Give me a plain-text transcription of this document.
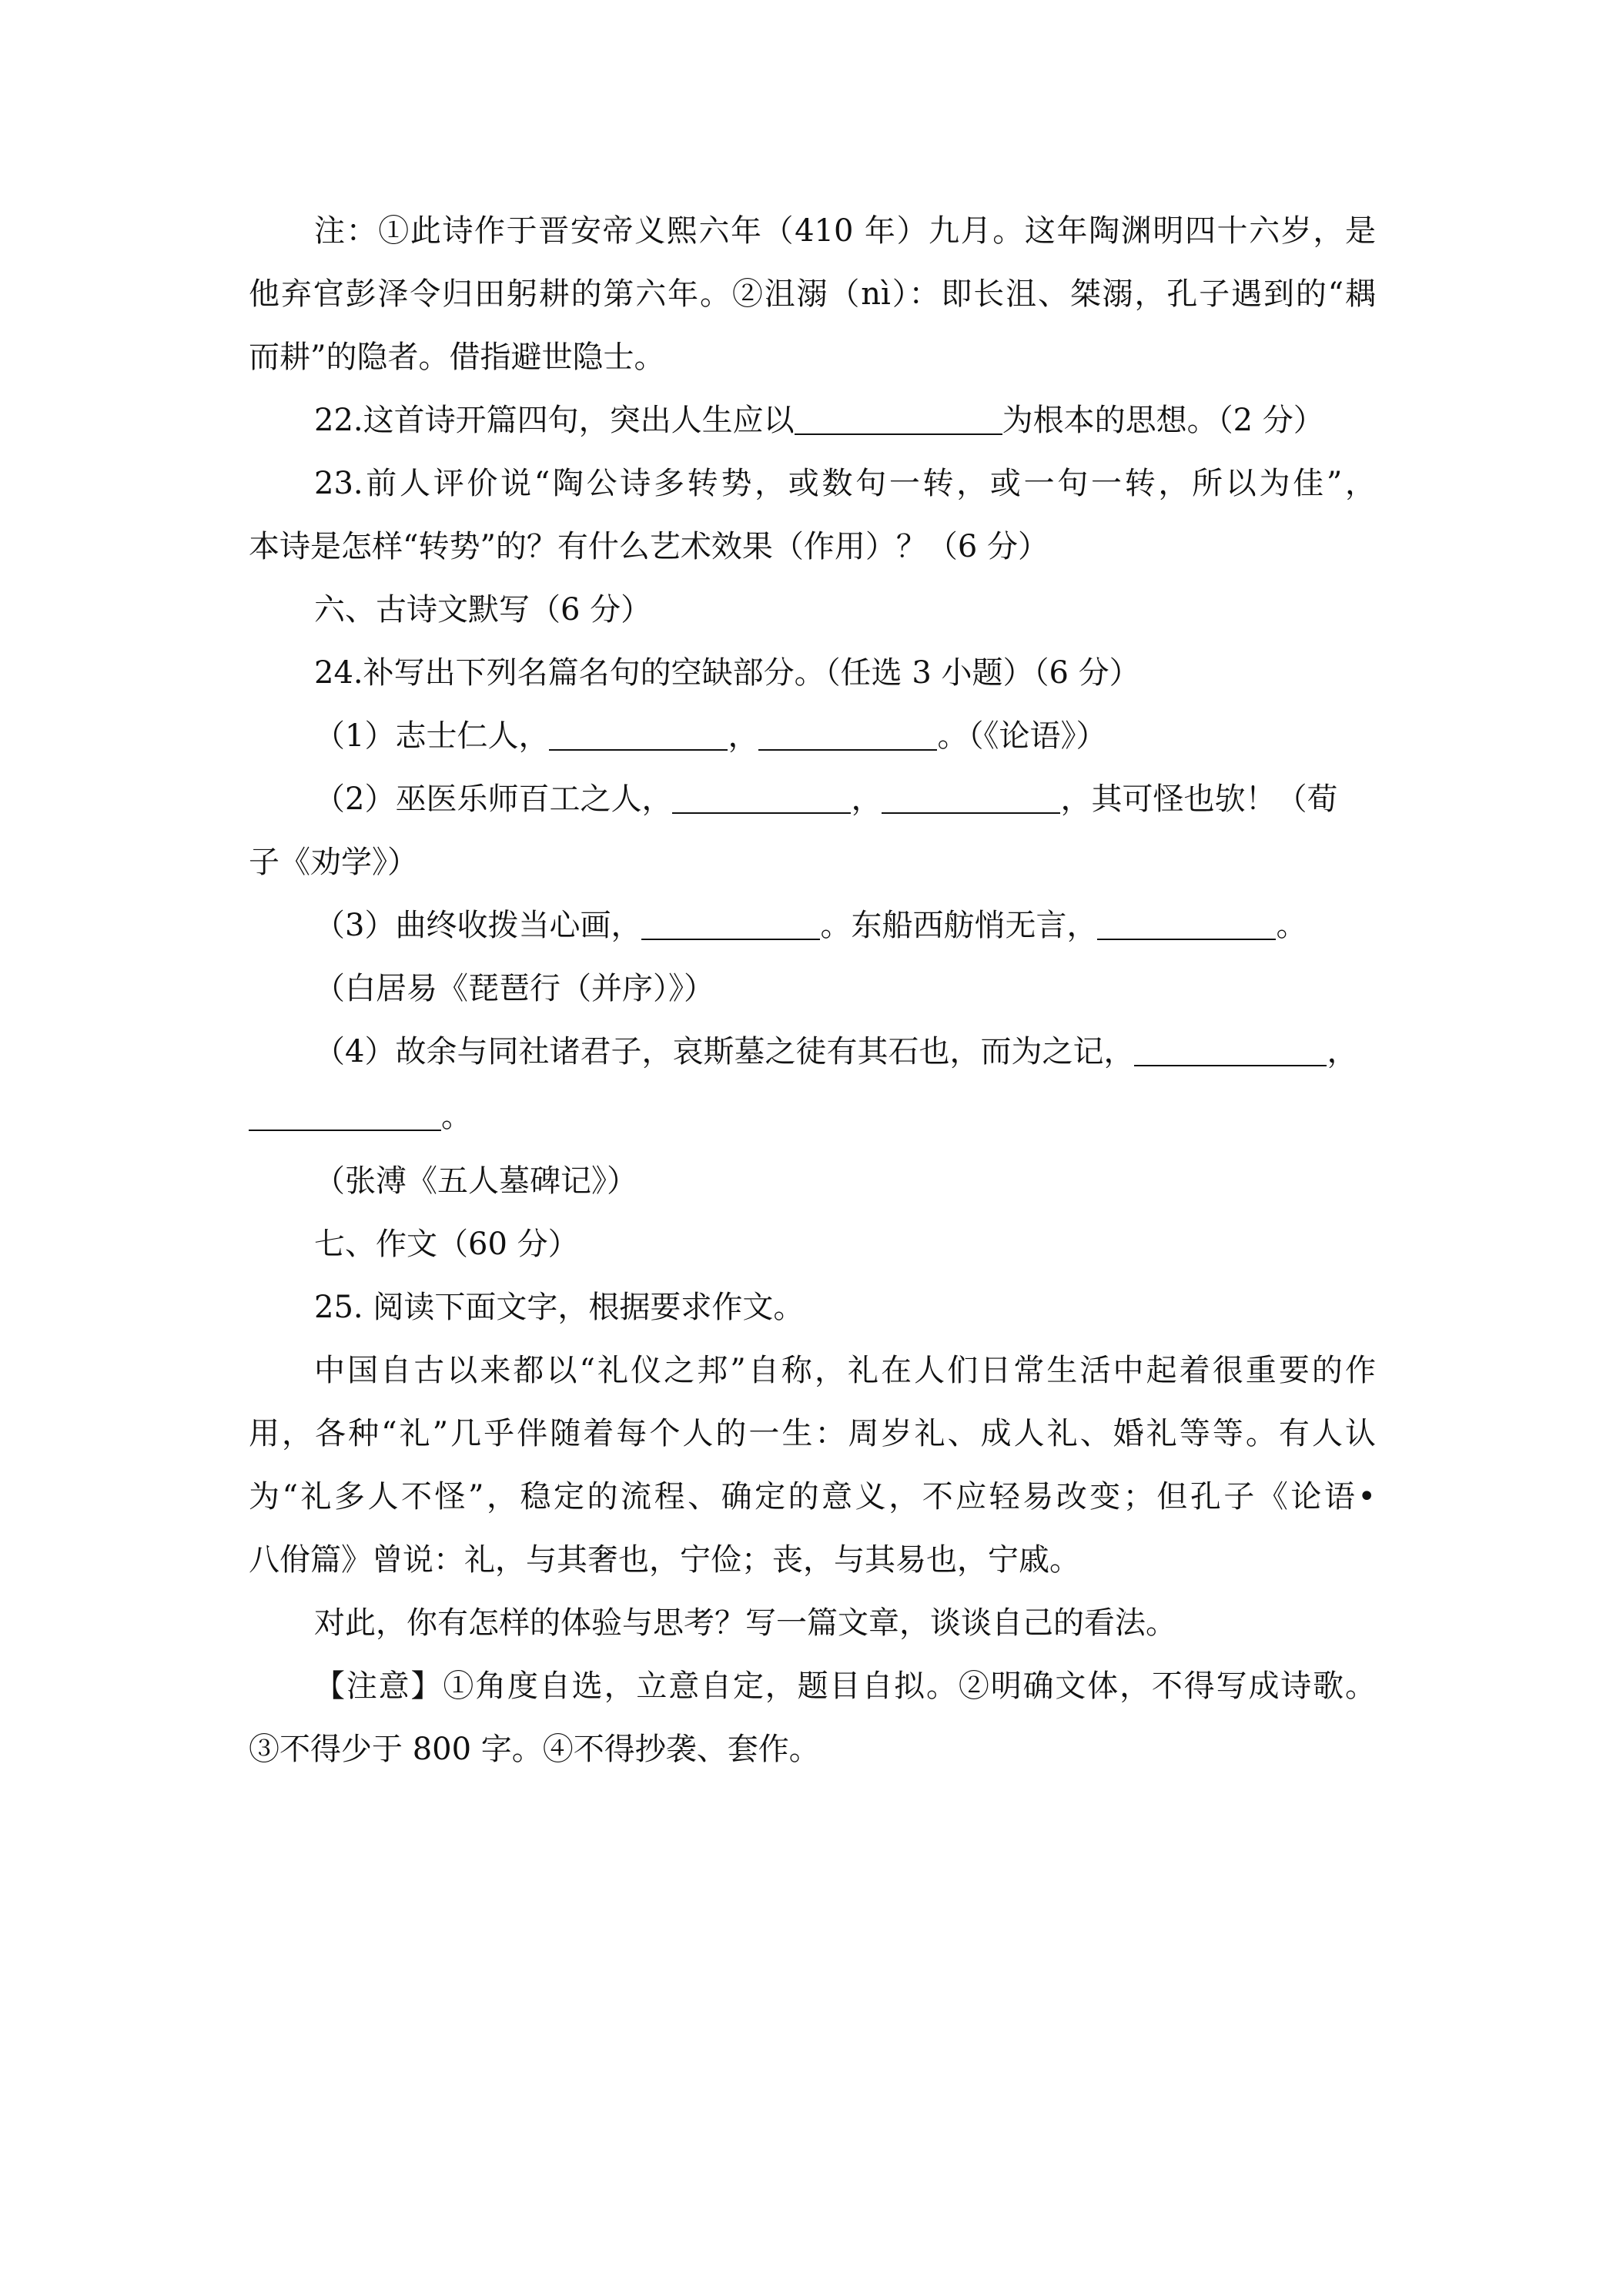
注：①此诗作于晋安帝义熙六年（410 年）九月。这年陶渊明四十六岁，是
他弃官彭泽令归田躬耕的第六年。②沮溺（nì）：即长沮、桀溺，孔子遇到的“耦
而耕”的隐者。借指避世隐士。
22.这首诗开篇四句，突出人生应以	为根本的思想。（2 分）
23.前人评价说“陶公诗多转势，或数句一转，或一句一转，所以为佳”，
本诗是怎样“转势”的？有什么艺术效果（作用）？（6 分）
六、古诗文默写（6 分）
24.补写出下列名篇名句的空缺部分。（任选 3 小题）（6 分）
（1）志士仁人，	，	。（《论语》）
（2）巫医乐师百工之人，	，	，其可怪也欤！（荀
子《劝学》）
（3）曲终收拨当心画，	。东船西舫悄无言，	。
（白居易《琵琶行（并序）》）
（4）故余与同社诸君子，哀斯墓之徒有其石也，而为之记，	，
。
（张溥《五人墓碑记》）
七、作文（60 分）
25. 阅读下面文字，根据要求作文。
中国自古以来都以“礼仪之邦”自称，礼在人们日常生活中起着很重要的作
用，各种“礼”几乎伴随着每个人的一生：周岁礼、成人礼、婚礼等等。有人认
为“礼多人不怪”，稳定的流程、确定的意义，不应轻易改变；但孔子《论语•
八佾篇》曾说：礼，与其奢也，宁俭；丧，与其易也，宁戚。
对此，你有怎样的体验与思考？写一篇文章，谈谈自己的看法。
【注意】①角度自选，立意自定，题目自拟。②明确文体，不得写成诗歌。
③不得少于 800 字。④不得抄袭、套作。
